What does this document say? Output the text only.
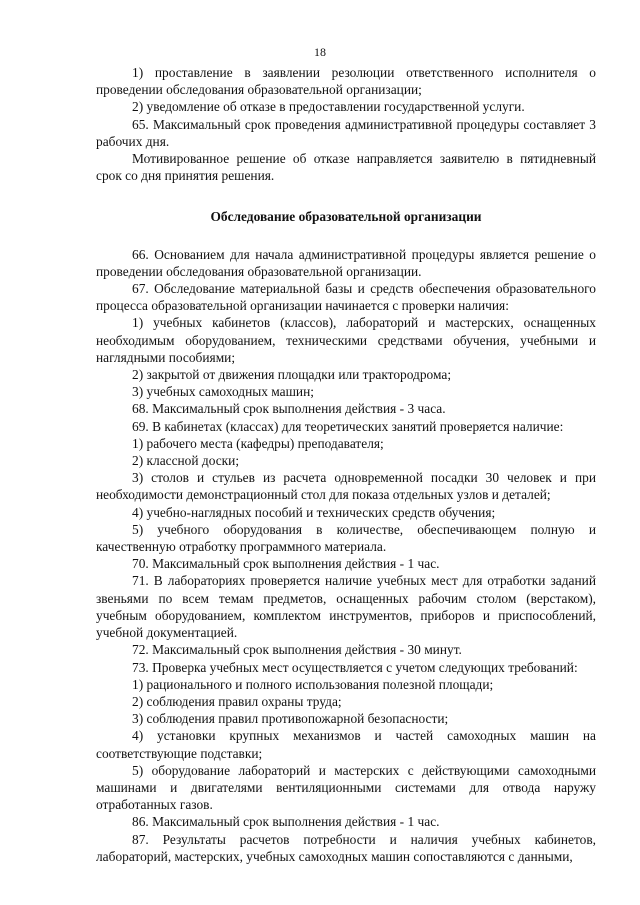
18

1) проставление в заявлении резолюции ответственного исполнителя о проведении обследования образовательной организации;

2) уведомление об отказе в предоставлении государственной услуги.

65. Максимальный срок проведения административной процедуры составляет 3 рабочих дня.

Мотивированное решение об отказе направляется заявителю в пятидневный срок со дня принятия решения.

Обследование образовательной организации

66. Основанием для начала административной процедуры является решение о проведении обследования образовательной организации.

67. Обследование материальной базы и средств обеспечения образовательного процесса образовательной организации начинается с проверки наличия:

1) учебных кабинетов (классов), лабораторий и мастерских, оснащенных необходимым оборудованием, техническими средствами обучения, учебными и наглядными пособиями;

2) закрытой от движения площадки или трактородрома;

3) учебных самоходных машин;

68. Максимальный срок выполнения действия - 3 часа.

69. В кабинетах (классах) для теоретических занятий проверяется наличие:

1) рабочего места (кафедры) преподавателя;

2) классной доски;

3) столов и стульев из расчета одновременной посадки 30 человек и при необходимости демонстрационный стол для показа отдельных узлов и деталей;

4) учебно-наглядных пособий и технических средств обучения;

5) учебного оборудования в количестве, обеспечивающем полную и качественную отработку программного материала.

70. Максимальный срок выполнения действия - 1 час.

71. В лабораториях проверяется наличие учебных мест для отработки заданий звеньями по всем темам предметов, оснащенных рабочим столом (верстаком), учебным оборудованием, комплектом инструментов, приборов и приспособлений, учебной документацией.

72. Максимальный срок выполнения действия - 30 минут.

73. Проверка учебных мест осуществляется с учетом следующих требований:

1) рационального и полного использования полезной площади;

2) соблюдения правил охраны труда;

3) соблюдения правил противопожарной безопасности;

4) установки крупных механизмов и частей самоходных машин на соответствующие подставки;

5) оборудование лабораторий и мастерских с действующими самоходными машинами и двигателями вентиляционными системами для отвода наружу отработанных газов.

86. Максимальный срок выполнения действия - 1 час.

87. Результаты расчетов потребности и наличия учебных кабинетов, лабораторий, мастерских, учебных самоходных машин сопоставляются с данными,
